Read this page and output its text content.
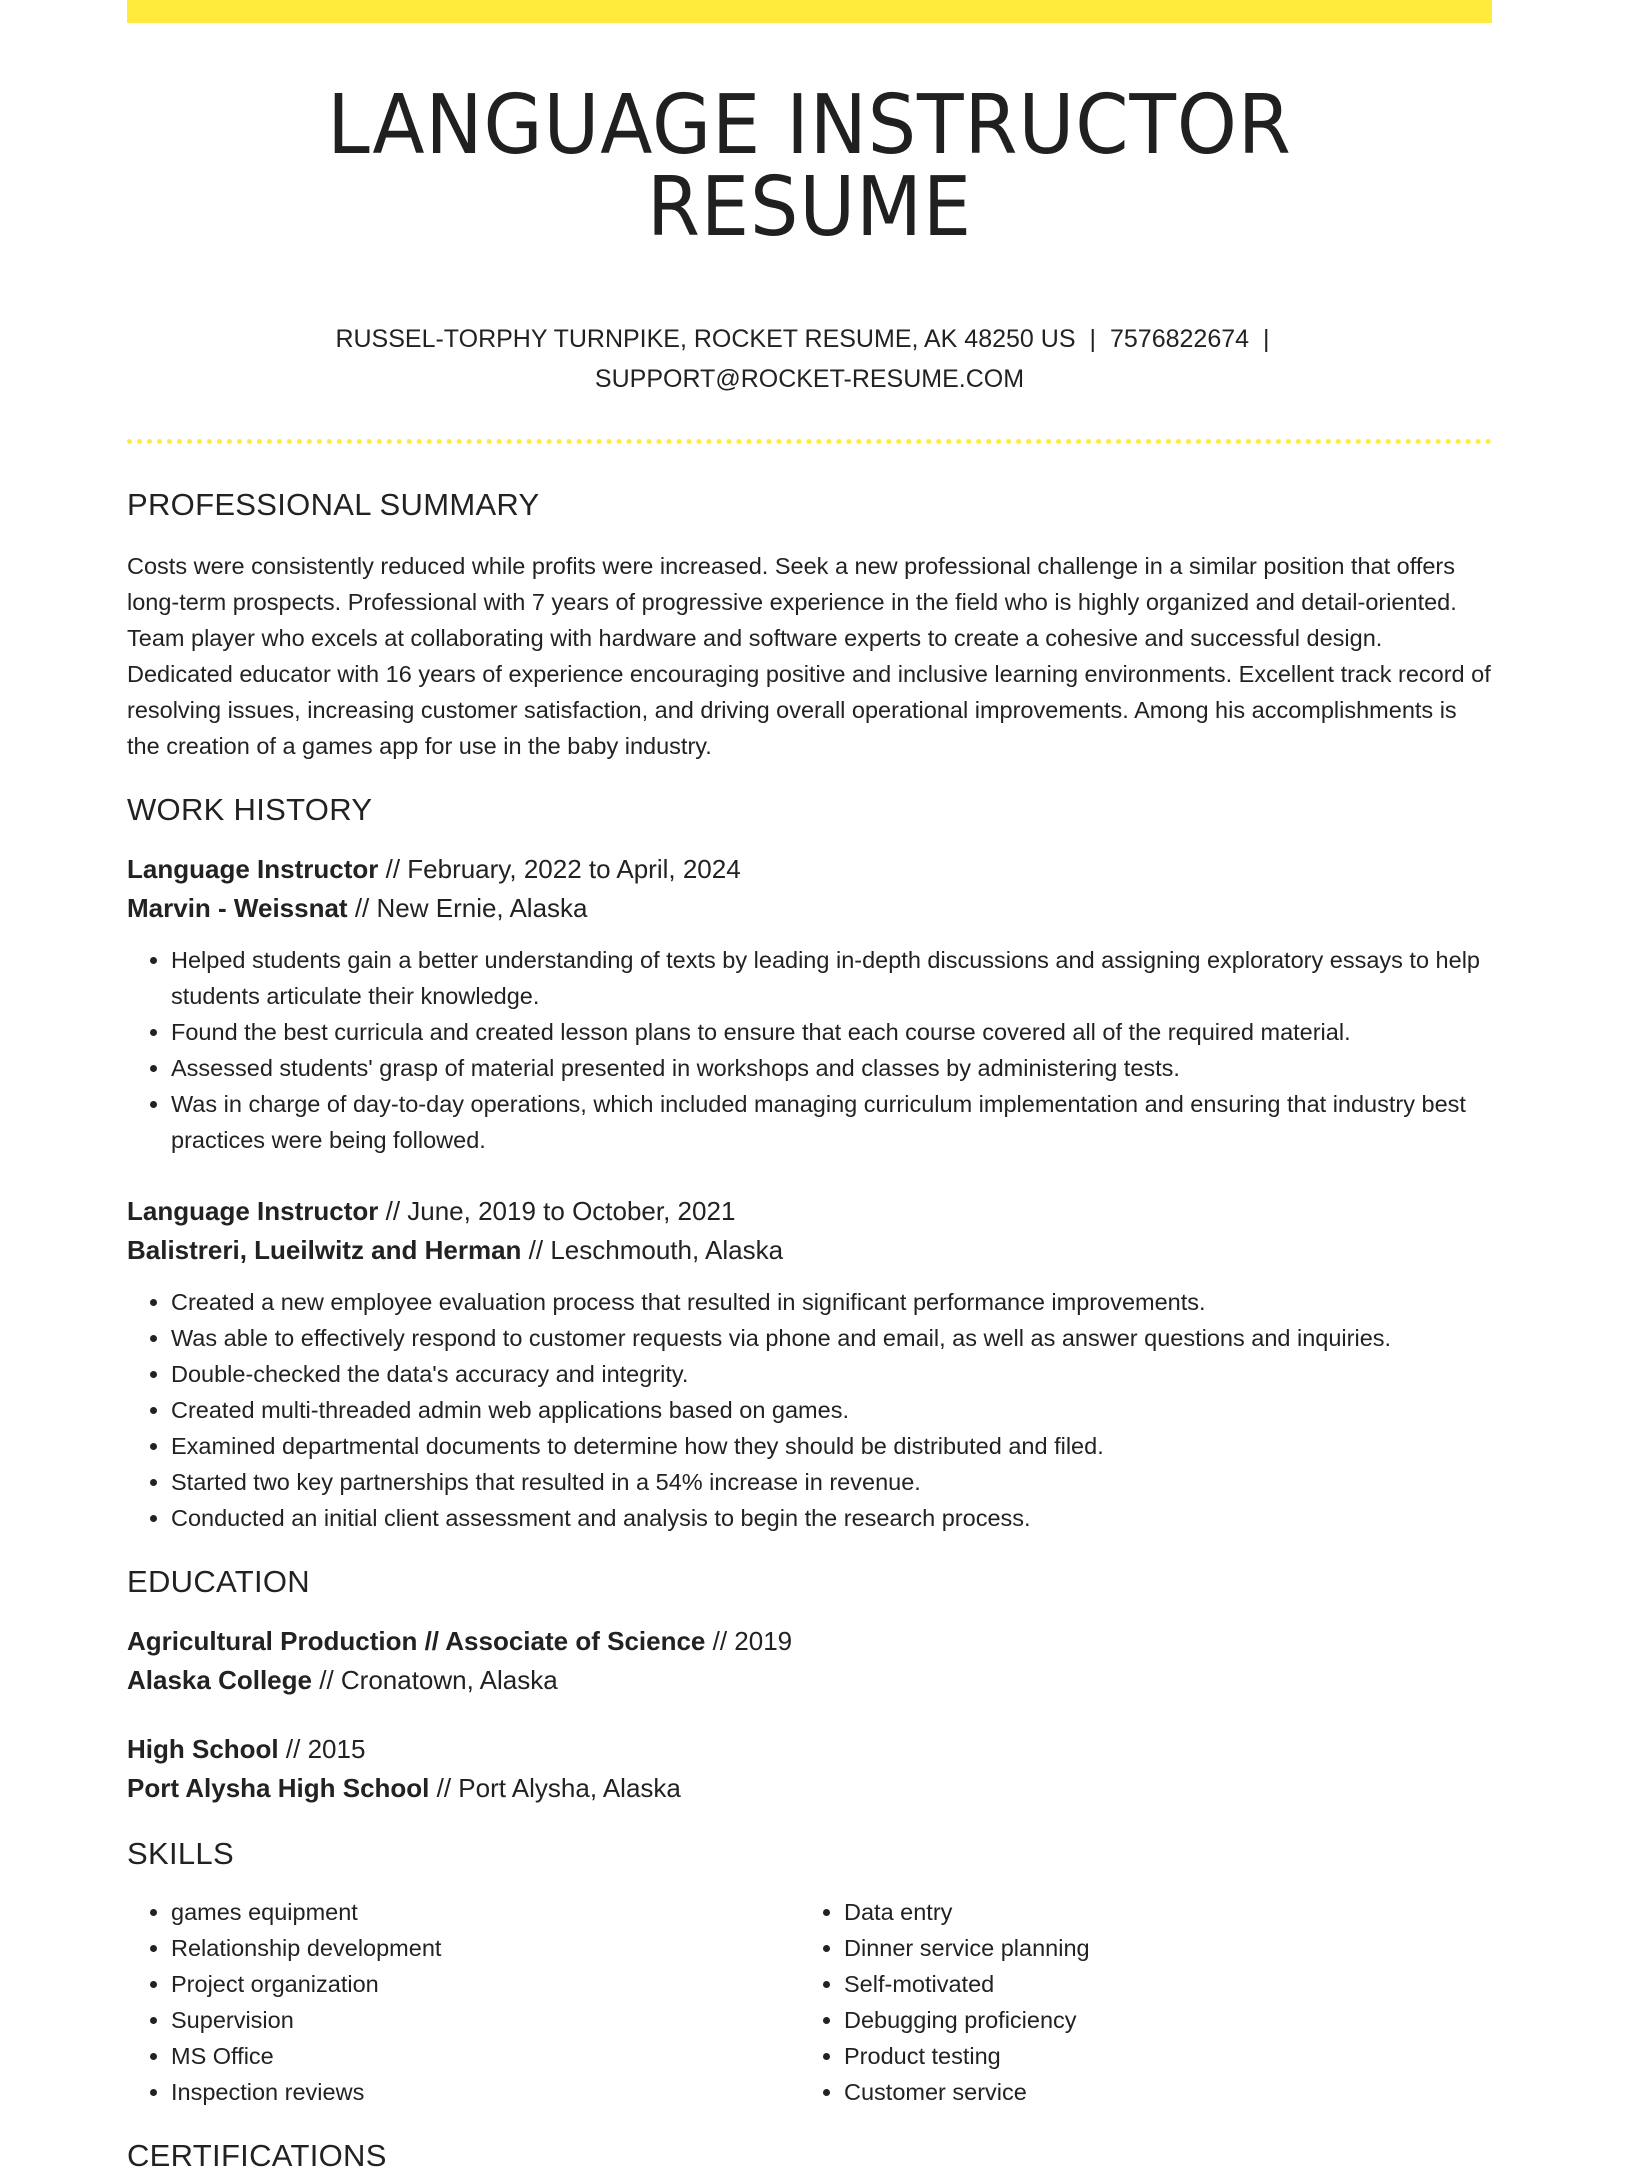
LANGUAGE INSTRUCTOR RESUME
RUSSEL-TORPHY TURNPIKE, ROCKET RESUME, AK 48250 US | 7576822674 |
SUPPORT@ROCKET-RESUME.COM
PROFESSIONAL SUMMARY

Costs were consistently reduced while profits were increased. Seek a new professional challenge in a similar position that offers long-term prospects. Professional with 7 years of progressive experience in the field who is highly organized and detail-oriented. Team player who excels at collaborating with hardware and software experts to create a cohesive and successful design. Dedicated educator with 16 years of experience encouraging positive and inclusive learning environments. Excellent track record of resolving issues, increasing customer satisfaction, and driving overall operational improvements. Among his accomplishments is the creation of a games app for use in the baby industry.

WORK HISTORY
Language Instructor // February, 2022 to April, 2024
Marvin - Weissnat // New Ernie, Alaska
• Helped students gain a better understanding of texts by leading in-depth discussions and assigning exploratory essays to help students articulate their knowledge.
• Found the best curricula and created lesson plans to ensure that each course covered all of the required material.
• Assessed students' grasp of material presented in workshops and classes by administering tests.
• Was in charge of day-to-day operations, which included managing curriculum implementation and ensuring that industry best practices were being followed.
Language Instructor // June, 2019 to October, 2021
Balistreri, Lueilwitz and Herman // Leschmouth, Alaska
• Created a new employee evaluation process that resulted in significant performance improvements.
• Was able to effectively respond to customer requests via phone and email, as well as answer questions and inquiries.
• Double-checked the data's accuracy and integrity.
• Created multi-threaded admin web applications based on games.
• Examined departmental documents to determine how they should be distributed and filed.
• Started two key partnerships that resulted in a 54% increase in revenue.
• Conducted an initial client assessment and analysis to begin the research process.
EDUCATION
Agricultural Production // Associate of Science // 2019
Alaska College // Cronatown, Alaska
High School // 2015
Port Alysha High School // Port Alysha, Alaska
SKILLS
• games equipment
• Relationship development
• Project organization
• Supervision
• MS Office
• Inspection reviews
• Data entry
• Dinner service planning
• Self-motivated
• Debugging proficiency
• Product testing
• Customer service
CERTIFICATIONS
